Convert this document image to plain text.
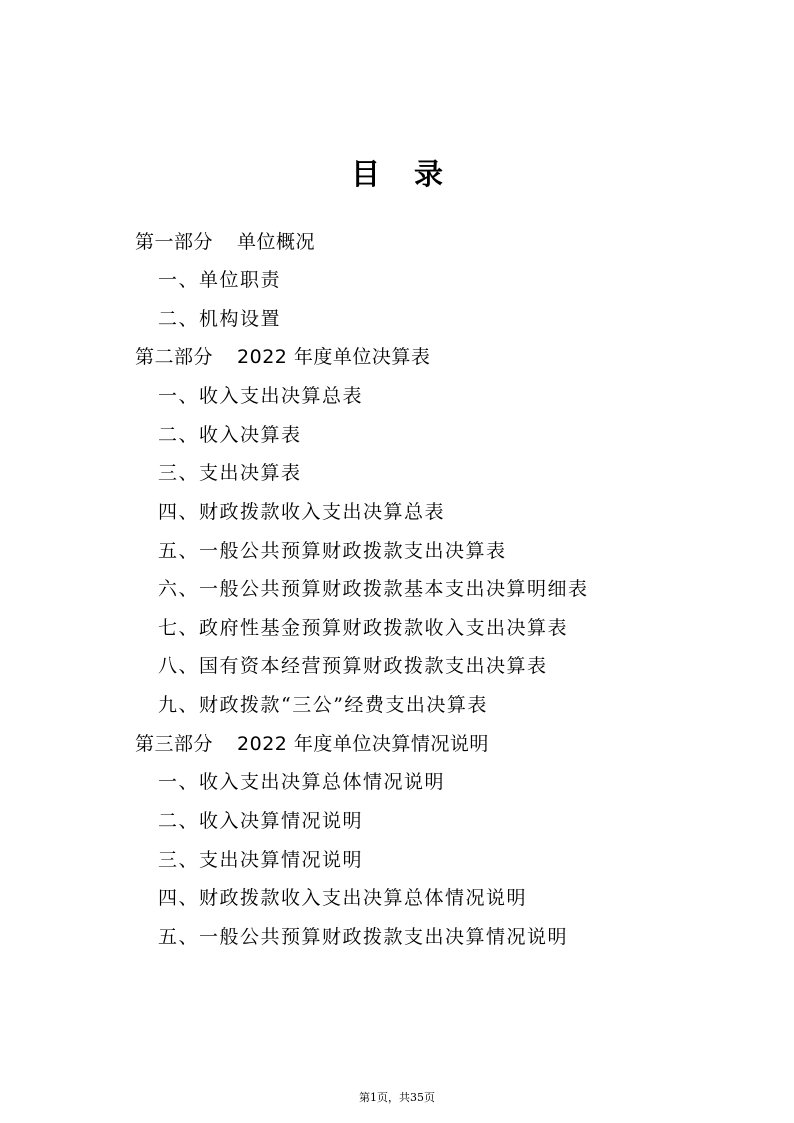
目 录
第一部分 单位概况
一、单位职责
二、机构设置
第二部分 2022 年度单位决算表
一、收入支出决算总表
二、收入决算表
三、支出决算表
四、财政拨款收入支出决算总表
五、一般公共预算财政拨款支出决算表
六、一般公共预算财政拨款基本支出决算明细表
七、政府性基金预算财政拨款收入支出决算表
八、国有资本经营预算财政拨款支出决算表
九、财政拨款“三公”经费支出决算表
第三部分 2022 年度单位决算情况说明
一、收入支出决算总体情况说明
二、收入决算情况说明
三、支出决算情况说明
四、财政拨款收入支出决算总体情况说明
五、一般公共预算财政拨款支出决算情况说明
第1页，共35页
